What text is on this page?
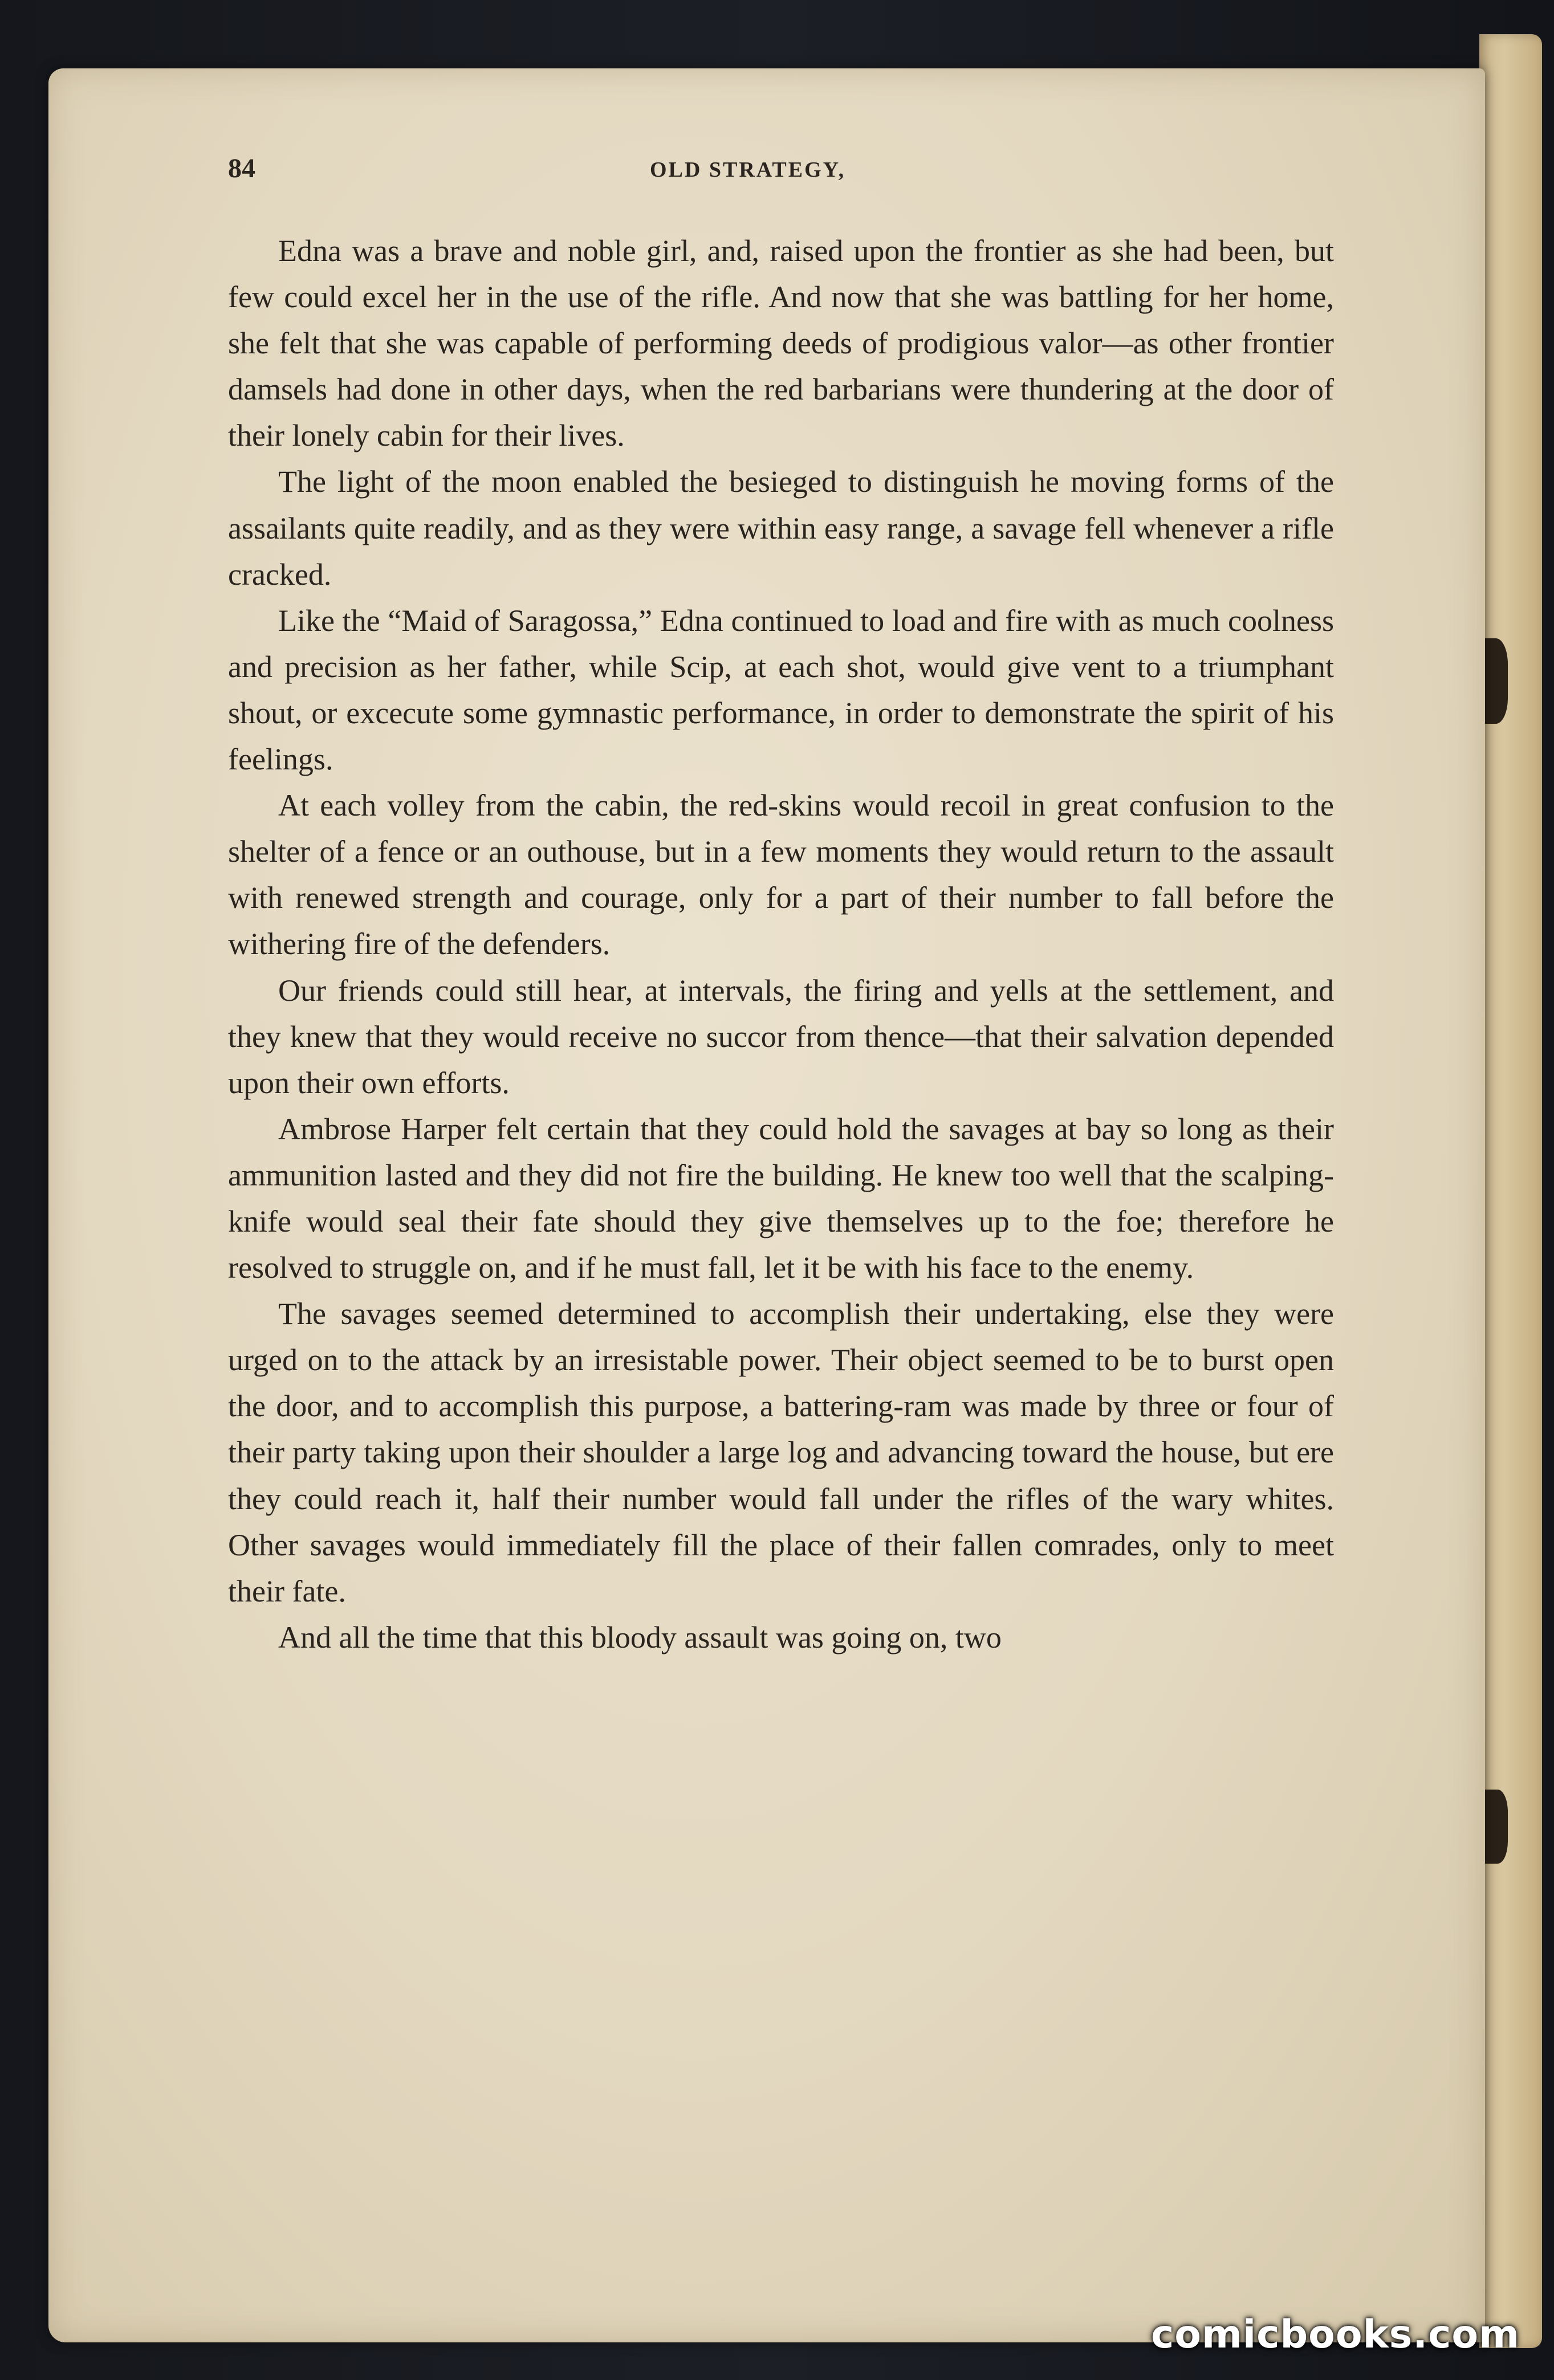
84	OLD STRATEGY,

Edna was a brave and noble girl, and, raised upon the frontier as she had been, but few could excel her in the use of the rifle. And now that she was battling for her home, she felt that she was capable of performing deeds of prodigious valor—as other frontier damsels had done in other days, when the red barbarians were thundering at the door of their lonely cabin for their lives.

The light of the moon enabled the besieged to distinguish he moving forms of the assailants quite readily, and as they were within easy range, a savage fell whenever a rifle cracked.

Like the “Maid of Saragossa,” Edna continued to load and fire with as much coolness and precision as her father, while Scip, at each shot, would give vent to a triumphant shout, or excecute some gymnastic performance, in order to demonstrate the spirit of his feelings.

At each volley from the cabin, the red-skins would recoil in great confusion to the shelter of a fence or an outhouse, but in a few moments they would return to the assault with renewed strength and courage, only for a part of their number to fall before the withering fire of the defenders.

Our friends could still hear, at intervals, the firing and yells at the settlement, and they knew that they would receive no succor from thence—that their salvation depended upon their own efforts.

Ambrose Harper felt certain that they could hold the savages at bay so long as their ammunition lasted and they did not fire the building. He knew too well that the scalping-knife would seal their fate should they give themselves up to the foe; therefore he resolved to struggle on, and if he must fall, let it be with his face to the enemy.

The savages seemed determined to accomplish their undertaking, else they were urged on to the attack by an irresistable power. Their object seemed to be to burst open the door, and to accomplish this purpose, a battering-ram was made by three or four of their party taking upon their shoulder a large log and advancing toward the house, but ere they could reach it, half their number would fall under the rifles of the wary whites. Other savages would immediately fill the place of their fallen comrades, only to meet their fate.

And all the time that this bloody assault was going on, two

comicbooks.com
